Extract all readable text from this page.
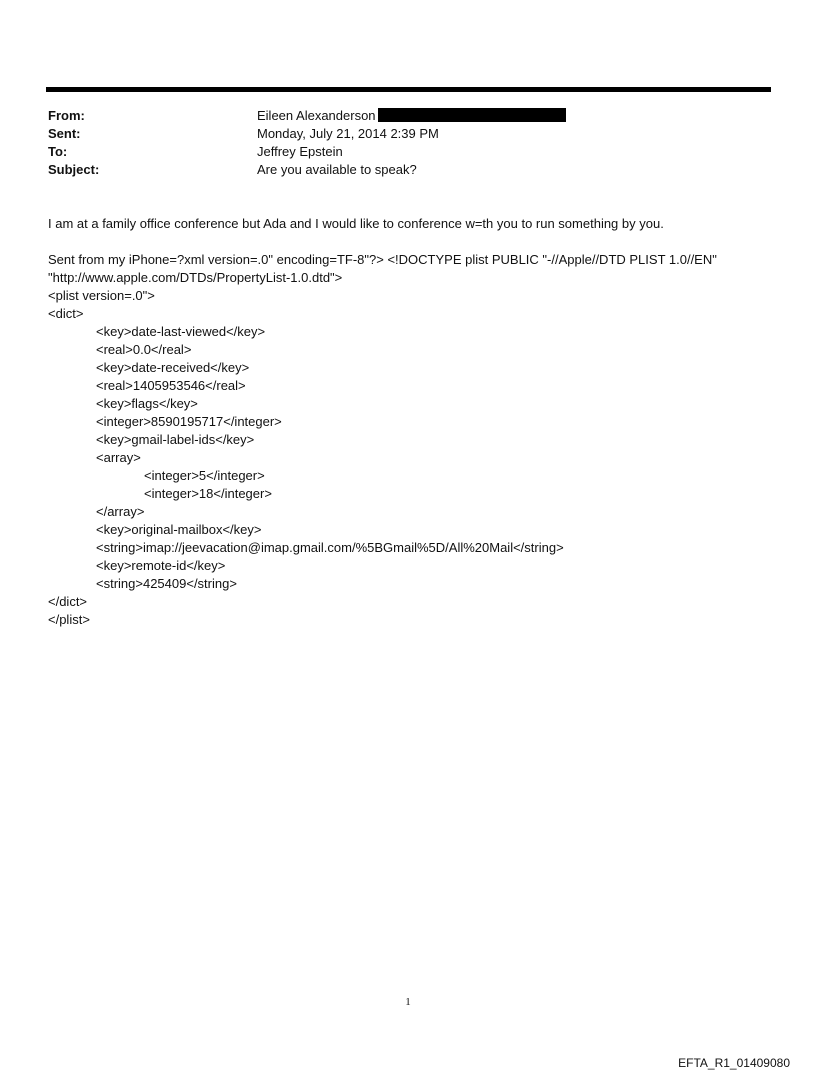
From:	Eileen Alexanderson
Sent:	Monday, July 21, 2014 2:39 PM
To:	Jeffrey Epstein
Subject:	Are you available to speak?

I am at a family office conference but Ada and I would like to conference w=th you to run something by you.

Sent from my iPhone=?xml version=.0" encoding=TF-8"?> <!DOCTYPE plist PUBLIC "-//Apple//DTD PLIST 1.0//EN"

"http://www.apple.com/DTDs/PropertyList-1.0.dtd">

<plist version=.0">

<dict>

<key>date-last-viewed</key>

<real>0.0</real>

<key>date-received</key>

<real>1405953546</real>

<key>flags</key>

<integer>8590195717</integer>

<key>gmail-label-ids</key>

<array>

<integer>5</integer>

<integer>18</integer>

</array>

<key>original-mailbox</key>

<string>imap://jeevacation@imap.gmail.com/%5BGmail%5D/All%20Mail</string>

<key>remote-id</key>

<string>425409</string>

</dict>

</plist>

1
EFTA_R1_01409080
